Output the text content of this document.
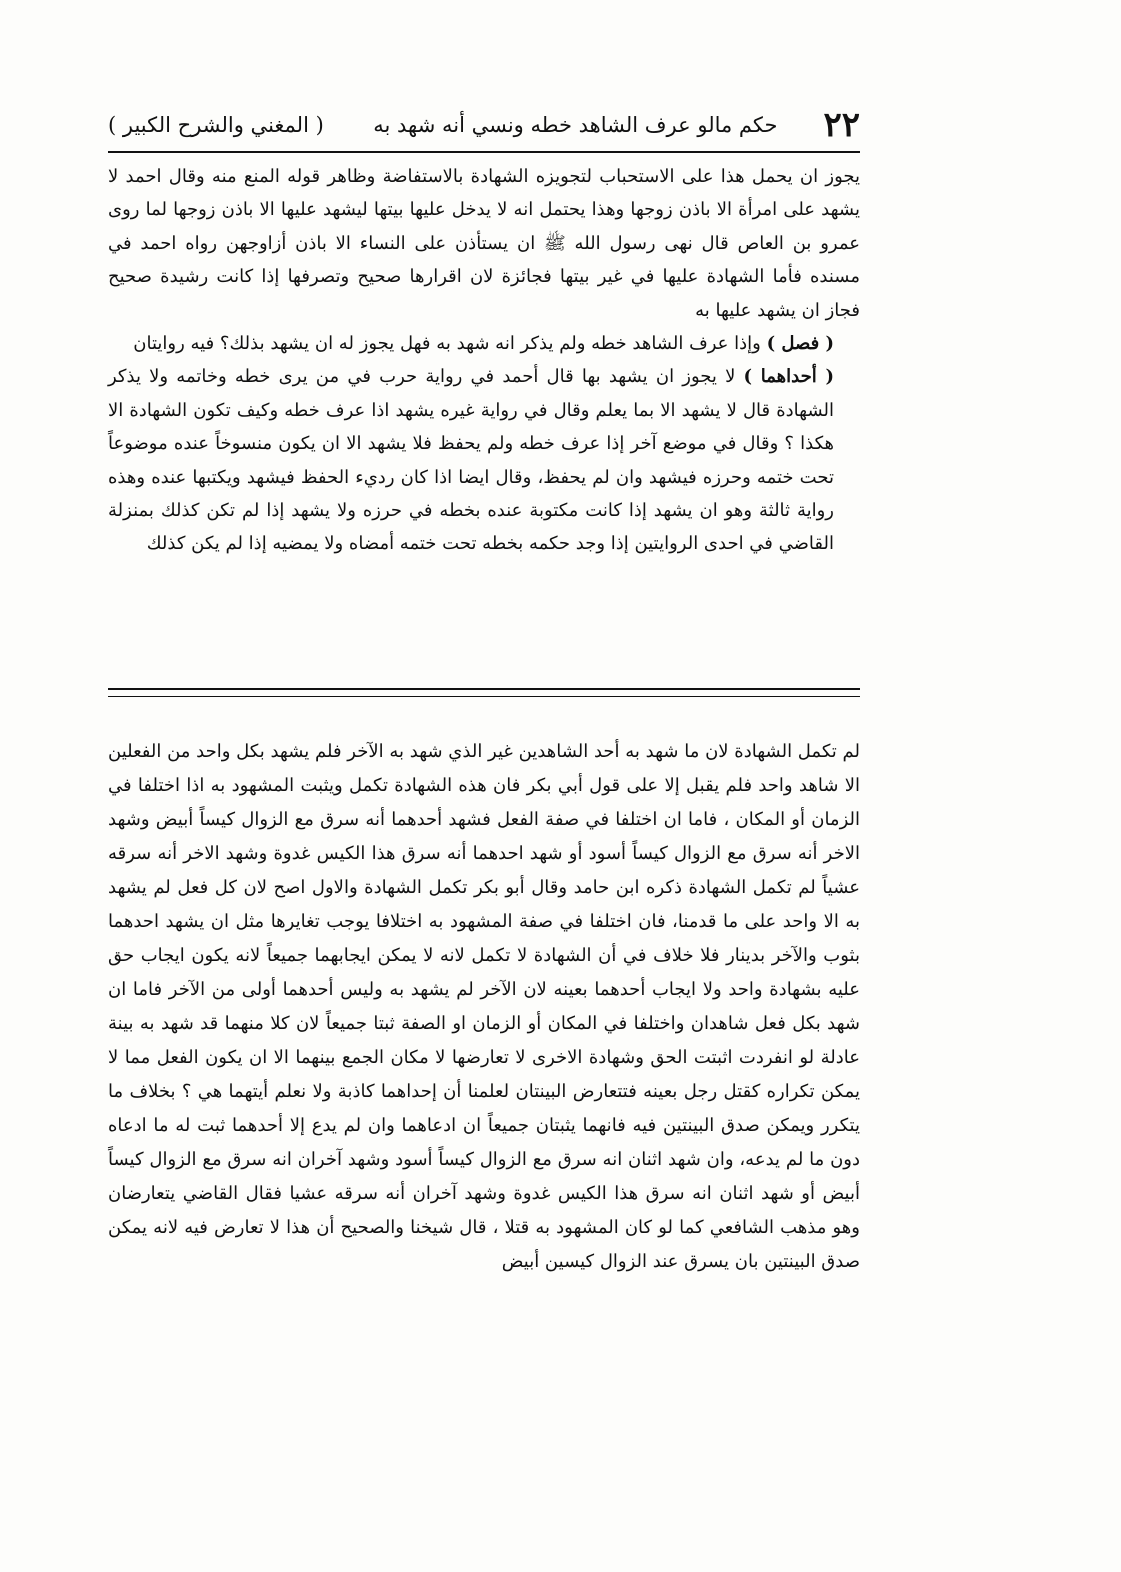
٢٢
حكم مالو عرف الشاهد خطه ونسي أنه شهد به
( المغني والشرح الكبير )

يجوز ان يحمل هذا على الاستحباب لتجويزه الشهادة بالاستفاضة وظاهر قوله المنع منه وقال احمد لا يشهد على امرأة الا باذن زوجها وهذا يحتمل انه لا يدخل عليها بيتها ليشهد عليها الا باذن زوجها لما روى عمرو بن العاص قال نهى رسول الله ﷺ ان يستأذن على النساء الا باذن أزاوجهن رواه احمد في مسنده فأما الشهادة عليها في غير بيتها فجائزة لان اقرارها صحيح وتصرفها إذا كانت رشيدة صحيح فجاز ان يشهد عليها به

( فصل ) وإذا عرف الشاهد خطه ولم يذكر انه شهد به فهل يجوز له ان يشهد بذلك؟ فيه روايتان

( أحداهما ) لا يجوز ان يشهد بها قال أحمد في رواية حرب في من يرى خطه وخاتمه ولا يذكر الشهادة قال لا يشهد الا بما يعلم وقال في رواية غيره يشهد اذا عرف خطه وكيف تكون الشهادة الا هكذا ؟ وقال في موضع آخر إذا عرف خطه ولم يحفظ فلا يشهد الا ان يكون منسوخاً عنده موضوعاً تحت ختمه وحرزه فيشهد وان لم يحفظ، وقال ايضا اذا كان رديء الحفظ فيشهد ويكتبها عنده وهذه رواية ثالثة وهو ان يشهد إذا كانت مكتوبة عنده بخطه في حرزه ولا يشهد إذا لم تكن كذلك بمنزلة القاضي في احدى الروايتين إذا وجد حكمه بخطه تحت ختمه أمضاه ولا يمضيه إذا لم يكن كذلك

لم تكمل الشهادة لان ما شهد به أحد الشاهدين غير الذي شهد به الآخر فلم يشهد بكل واحد من الفعلين الا شاهد واحد فلم يقبل إلا على قول أبي بكر فان هذه الشهادة تكمل ويثبت المشهود به اذا اختلفا في الزمان أو المكان ، فاما ان اختلفا في صفة الفعل فشهد أحدهما أنه سرق مع الزوال كيساً أبيض وشهد الاخر أنه سرق مع الزوال كيساً أسود أو شهد احدهما أنه سرق هذا الكيس غدوة وشهد الاخر أنه سرقه عشياً لم تكمل الشهادة ذكره ابن حامد وقال أبو بكر تكمل الشهادة والاول اصح لان كل فعل لم يشهد به الا واحد على ما قدمنا، فان اختلفا في صفة المشهود به اختلافا يوجب تغايرها مثل ان يشهد احدهما بثوب والآخر بدينار فلا خلاف في أن الشهادة لا تكمل لانه لا يمكن ايجابهما جميعاً لانه يكون ايجاب حق عليه بشهادة واحد ولا ايجاب أحدهما بعينه لان الآخر لم يشهد به وليس أحدهما أولى من الآخر فاما ان شهد بكل فعل شاهدان واختلفا في المكان أو الزمان او الصفة ثبتا جميعاً لان كلا منهما قد شهد به بينة عادلة لو انفردت اثبتت الحق وشهادة الاخرى لا تعارضها لا مكان الجمع بينهما الا ان يكون الفعل مما لا يمكن تكراره كقتل رجل بعينه فتتعارض البينتان لعلمنا أن إحداهما كاذبة ولا نعلم أيتهما هي ؟ بخلاف ما يتكرر ويمكن صدق البينتين فيه فانهما يثبتان جميعاً ان ادعاهما وان لم يدع إلا أحدهما ثبت له ما ادعاه دون ما لم يدعه، وان شهد اثنان انه سرق مع الزوال كيساً أسود وشهد آخران انه سرق مع الزوال كيساً أبيض أو شهد اثنان انه سرق هذا الكيس غدوة وشهد آخران أنه سرقه عشيا فقال القاضي يتعارضان وهو مذهب الشافعي كما لو كان المشهود به قتلا ، قال شيخنا والصحيح أن هذا لا تعارض فيه لانه يمكن صدق البينتين بان يسرق عند الزوال كيسين أبيض
